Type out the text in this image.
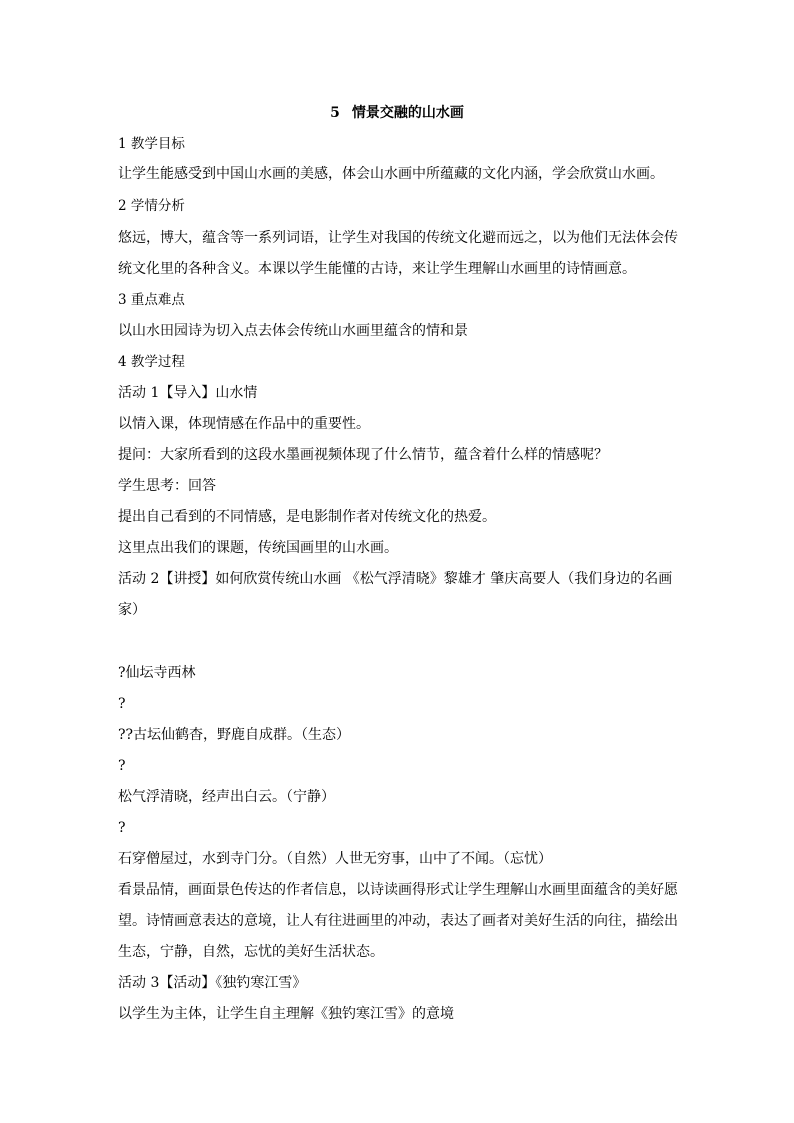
5 情景交融的山水画
1 教学目标
让学生能感受到中国山水画的美感，体会山水画中所蕴藏的文化内涵，学会欣赏山水画。
2 学情分析
悠远，博大，蕴含等一系列词语，让学生对我国的传统文化避而远之，以为他们无法体会传
统文化里的各种含义。本课以学生能懂的古诗，来让学生理解山水画里的诗情画意。
3 重点难点
以山水田园诗为切入点去体会传统山水画里蕴含的情和景
4 教学过程
活动 1【导入】山水情
以情入课，体现情感在作品中的重要性。
提问：大家所看到的这段水墨画视频体现了什么情节，蕴含着什么样的情感呢？
学生思考：回答
提出自己看到的不同情感，是电影制作者对传统文化的热爱。
这里点出我们的课题，传统国画里的山水画。
活动 2【讲授】如何欣赏传统山水画 《松气浮清晓》黎雄才 肇庆高要人（我们身边的名画
家）
?仙坛寺西林
?
??古坛仙鹤杳，野鹿自成群。（生态）
?
松气浮清晓，经声出白云。（宁静）
?
石穿僧屋过，水到寺门分。（自然）人世无穷事，山中了不闻。（忘忧）
看景品情，画面景色传达的作者信息，以诗读画得形式让学生理解山水画里面蕴含的美好愿
望。诗情画意表达的意境，让人有往进画里的冲动，表达了画者对美好生活的向往，描绘出
生态，宁静，自然，忘忧的美好生活状态。
活动 3【活动】《独钓寒江雪》
以学生为主体，让学生自主理解《独钓寒江雪》的意境
